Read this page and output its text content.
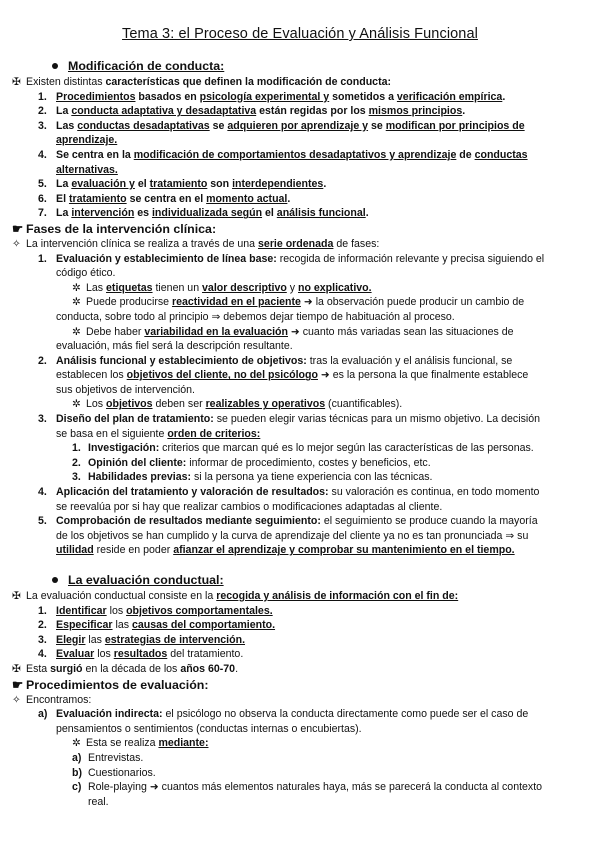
Tema 3: el Proceso de Evaluación y Análisis Funcional
Modificación de conducta:
✠ Existen distintas características que definen la modificación de conducta:
1. Procedimientos basados en psicología experimental y sometidos a verificación empírica.
2. La conducta adaptativa y desadaptativa están regidas por los mismos principios.
3. Las conductas desadaptativas se adquieren por aprendizaje y se modifican por principios de
aprendizaje.
4. Se centra en la modificación de comportamientos desadaptativos y aprendizaje de conductas
alternativas.
5. La evaluación y el tratamiento son interdependientes.
6. El tratamiento se centra en el momento actual.
7. La intervención es individualizada según el análisis funcional.
☛ Fases de la intervención clínica:
✧ La intervención clínica se realiza a través de una serie ordenada de fases:
1. Evaluación y establecimiento de línea base: recogida de información relevante y precisa siguiendo el
código ético.
✲ Las etiquetas tienen un valor descriptivo y no explicativo.
✲ Puede producirse reactividad en el paciente ➜ la observación puede producir un cambio de
conducta, sobre todo al principio ⇒ debemos dejar tiempo de habituación al proceso.
✲ Debe haber variabilidad en la evaluación ➜ cuanto más variadas sean las situaciones de
evaluación, más fiel será la descripción resultante.
2. Análisis funcional y establecimiento de objetivos: tras la evaluación y el análisis funcional, se
establecen los objetivos del cliente, no del psicólogo ➜ es la persona la que finalmente establece
sus objetivos de intervención.
✲ Los objetivos deben ser realizables y operativos (cuantificables).
3. Diseño del plan de tratamiento: se pueden elegir varias técnicas para un mismo objetivo. La decisión
se basa en el siguiente orden de criterios:
1. Investigación: criterios que marcan qué es lo mejor según las características de las personas.
2. Opinión del cliente: informar de procedimiento, costes y beneficios, etc.
3. Habilidades previas: si la persona ya tiene experiencia con las técnicas.
4. Aplicación del tratamiento y valoración de resultados: su valoración es continua, en todo momento
se reevalúa por si hay que realizar cambios o modificaciones adaptadas al cliente.
5. Comprobación de resultados mediante seguimiento: el seguimiento se produce cuando la mayoría
de los objetivos se han cumplido y la curva de aprendizaje del cliente ya no es tan pronunciada ⇒ su
utilidad reside en poder afianzar el aprendizaje y comprobar su mantenimiento en el tiempo.
La evaluación conductual:
✠ La evaluación conductual consiste en la recogida y análisis de información con el fin de:
1. Identificar los objetivos comportamentales.
2. Especificar las causas del comportamiento.
3. Elegir las estrategias de intervención.
4. Evaluar los resultados del tratamiento.
✠ Esta surgió en la década de los años 60-70.
☛ Procedimientos de evaluación:
✧ Encontramos:
a) Evaluación indirecta: el psicólogo no observa la conducta directamente como puede ser el caso de
pensamientos o sentimientos (conductas internas o encubiertas).
✲ Esta se realiza mediante:
a) Entrevistas.
b) Cuestionarios.
c) Role-playing ➜ cuantos más elementos naturales haya, más se parecerá la conducta al contexto
real.
